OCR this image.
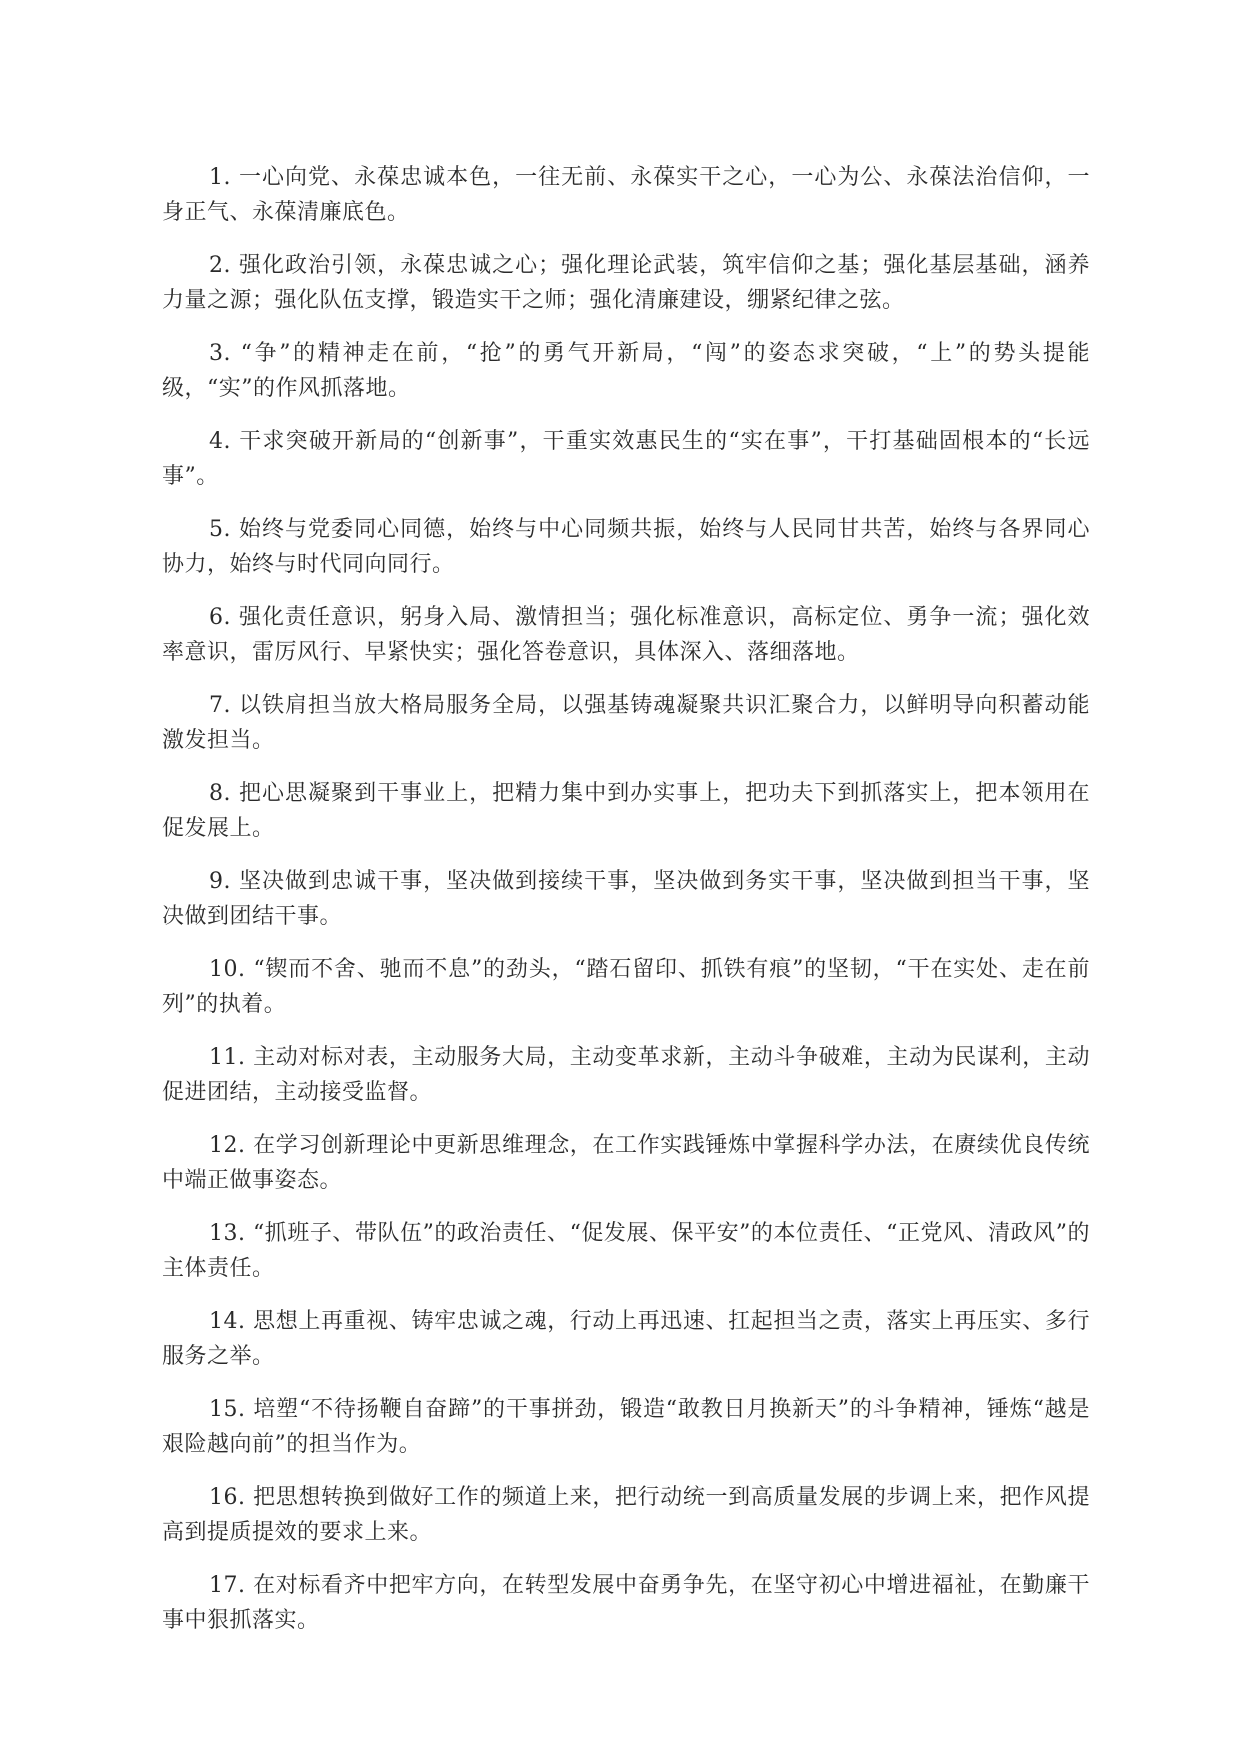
1. 一心向党、永葆忠诚本色，一往无前、永葆实干之心，一心为公、永葆法治信仰，一身正气、永葆清廉底色。

2. 强化政治引领，永葆忠诚之心；强化理论武装，筑牢信仰之基；强化基层基础，涵养力量之源；强化队伍支撑，锻造实干之师；强化清廉建设，绷紧纪律之弦。

3. “争”的精神走在前，“抢”的勇气开新局，“闯”的姿态求突破，“上”的势头提能级，“实”的作风抓落地。

4. 干求突破开新局的“创新事”，干重实效惠民生的“实在事”，干打基础固根本的“长远事”。

5. 始终与党委同心同德，始终与中心同频共振，始终与人民同甘共苦，始终与各界同心协力，始终与时代同向同行。

6. 强化责任意识，躬身入局、激情担当；强化标准意识，高标定位、勇争一流；强化效率意识，雷厉风行、早紧快实；强化答卷意识，具体深入、落细落地。

7. 以铁肩担当放大格局服务全局，以强基铸魂凝聚共识汇聚合力，以鲜明导向积蓄动能激发担当。

8. 把心思凝聚到干事业上，把精力集中到办实事上，把功夫下到抓落实上，把本领用在促发展上。

9. 坚决做到忠诚干事，坚决做到接续干事，坚决做到务实干事，坚决做到担当干事，坚决做到团结干事。

10. “锲而不舍、驰而不息”的劲头，“踏石留印、抓铁有痕”的坚韧，“干在实处、走在前列”的执着。

11. 主动对标对表，主动服务大局，主动变革求新，主动斗争破难，主动为民谋利，主动促进团结，主动接受监督。

12. 在学习创新理论中更新思维理念，在工作实践锤炼中掌握科学办法，在赓续优良传统中端正做事姿态。

13. “抓班子、带队伍”的政治责任、“促发展、保平安”的本位责任、“正党风、清政风”的主体责任。

14. 思想上再重视、铸牢忠诚之魂，行动上再迅速、扛起担当之责，落实上再压实、多行服务之举。

15. 培塑“不待扬鞭自奋蹄”的干事拼劲，锻造“敢教日月换新天”的斗争精神，锤炼“越是艰险越向前”的担当作为。

16. 把思想转换到做好工作的频道上来，把行动统一到高质量发展的步调上来，把作风提高到提质提效的要求上来。

17. 在对标看齐中把牢方向，在转型发展中奋勇争先，在坚守初心中增进福祉，在勤廉干事中狠抓落实。
